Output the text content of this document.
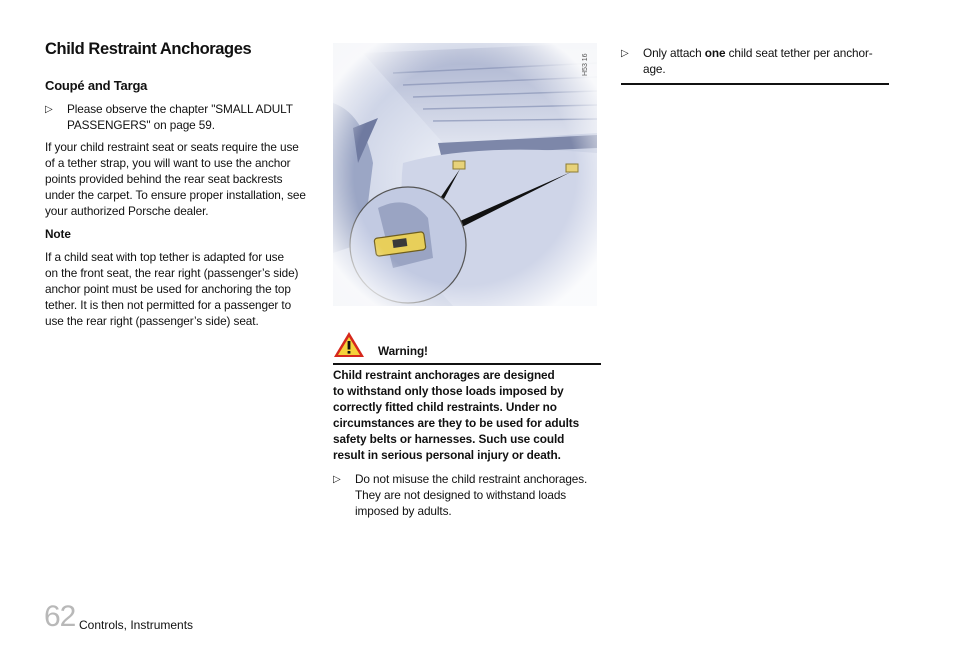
Child Restraint Anchorages
Coupé and Targa
▷	Please observe the chapter "SMALL ADULT
PASSENGERS" on page 59.
If your child restraint seat or seats require the use
of a tether strap, you will want to use the anchor
points provided behind the rear seat backrests
under the carpet. To ensure proper installation, see
your authorized Porsche dealer.
Note
If a child seat with top tether is adapted for use
on the front seat, the rear right (passenger’s side)
anchor point must be used for anchoring the top
tether. It is then not permitted for a passenger to
use the rear right (passenger’s side) seat.
H53 16
Warning!
Child restraint anchorages are designed
to withstand only those loads imposed by
correctly fitted child restraints. Under no
circumstances are they to be used for adults
safety belts or harnesses. Such use could
result in serious personal injury or death.
▷	Do not misuse the child restraint anchorages.
They are not designed to withstand loads
imposed by adults.
▷	Only attach one child seat tether per anchor-
age.
62 Controls, Instruments
